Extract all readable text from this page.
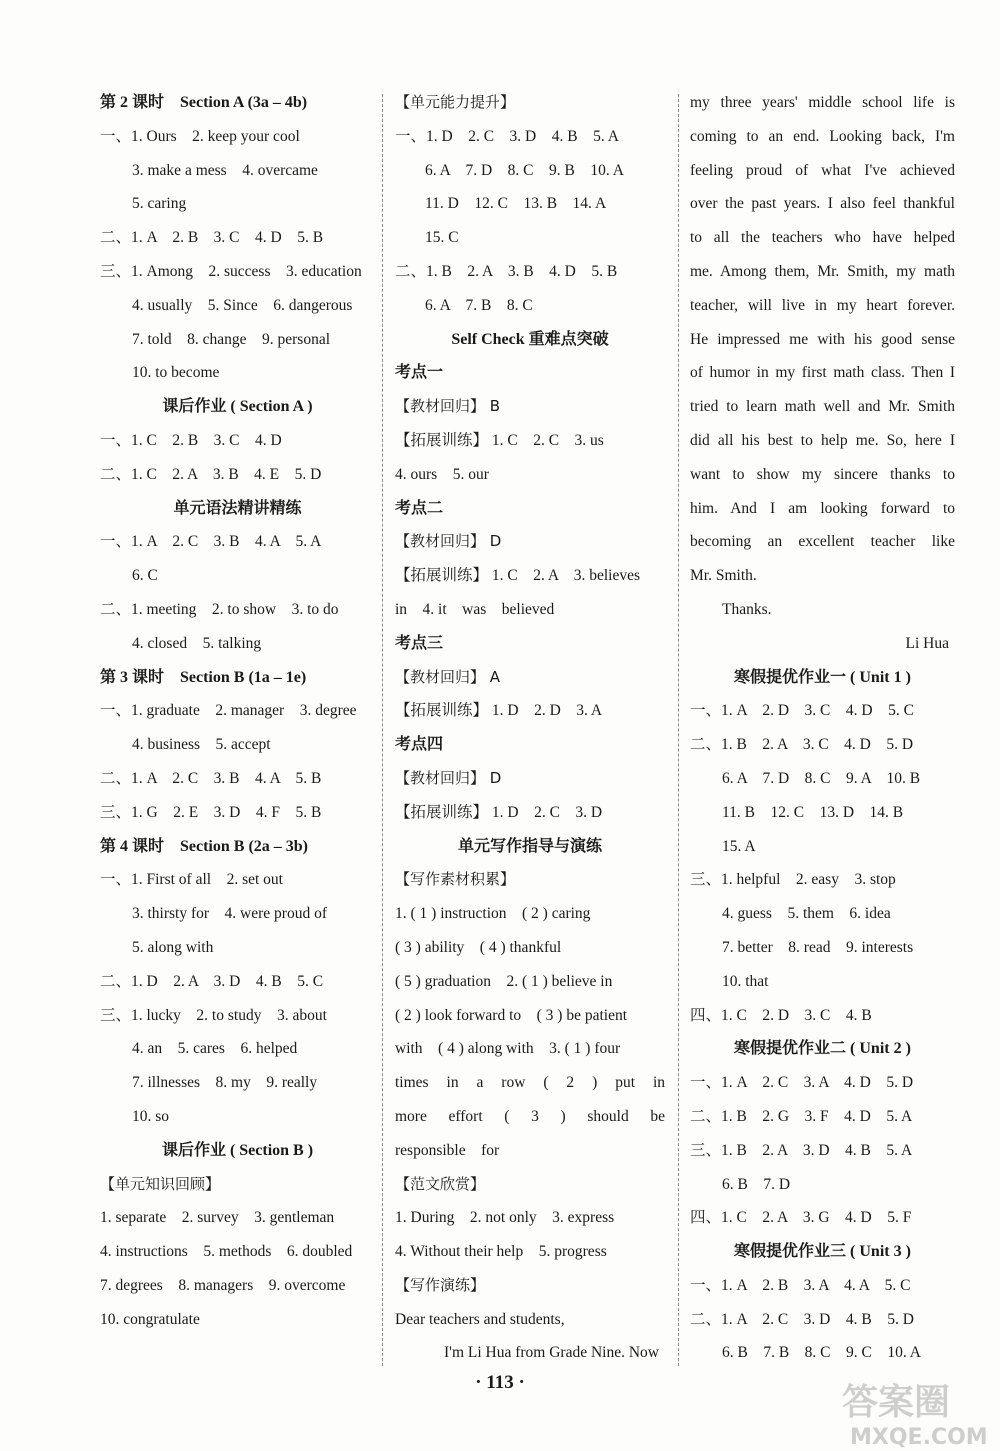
第 2 课时　Section A (3a – 4b)
一、1. Ours　2. keep your cool
3. make a mess　4. overcame
5. caring
二、1. A　2. B　3. C　4. D　5. B
三、1. Among　2. success　3. education
4. usually　5. Since　6. dangerous
7. told　8. change　9. personal
10. to become
课后作业 ( Section A )
一、1. C　2. B　3. C　4. D
二、1. C　2. A　3. B　4. E　5. D
单元语法精讲精练
一、1. A　2. C　3. B　4. A　5. A
6. C
二、1. meeting　2. to show　3. to do
4. closed　5. talking
第 3 课时　Section B (1a – 1e)
一、1. graduate　2. manager　3. degree
4. business　5. accept
二、1. A　2. C　3. B　4. A　5. B
三、1. G　2. E　3. D　4. F　5. B
第 4 课时　Section B (2a – 3b)
一、1. First of all　2. set out
3. thirsty for　4. were proud of
5. along with
二、1. D　2. A　3. D　4. B　5. C
三、1. lucky　2. to study　3. about
4. an　5. cares　6. helped
7. illnesses　8. my　9. really
10. so
课后作业 ( Section B )
【单元知识回顾】
1. separate　2. survey　3. gentleman
4. instructions　5. methods　6. doubled
7. degrees　8. managers　9. overcome
10. congratulate
【单元能力提升】
一、1. D　2. C　3. D　4. B　5. A
6. A　7. D　8. C　9. B　10. A
11. D　12. C　13. B　14. A
15. C
二、1. B　2. A　3. B　4. D　5. B
6. A　7. B　8. C
Self Check 重难点突破
考点一
【教材回归】 B
【拓展训练】 1. C　2. C　3. us
4. ours　5. our
考点二
【教材回归】 D
【拓展训练】 1. C　2. A　3. believes
in　4. it　was　believed
考点三
【教材回归】 A
【拓展训练】 1. D　2. D　3. A
考点四
【教材回归】 D
【拓展训练】 1. D　2. C　3. D
单元写作指导与演练
【写作素材积累】
1. ( 1 ) instruction　( 2 ) caring
( 3 ) ability　( 4 ) thankful
( 5 ) graduation　2. ( 1 ) believe in
( 2 ) look forward to　( 3 ) be patient
with　( 4 ) along with　3. ( 1 ) four
times in a row ( 2 ) put in
more effort ( 3 ) should be
responsible　for
【范文欣赏】
1. During　2. not only　3. express
4. Without their help　5. progress
【写作演练】
Dear teachers and students,
I'm Li Hua from Grade Nine. Now
my three years' middle school life is
coming to an end. Looking back, I'm
feeling proud of what I've achieved
over the past years. I also feel thankful
to all the teachers who have helped
me. Among them, Mr. Smith, my math
teacher, will live in my heart forever.
He impressed me with his good sense
of humor in my first math class. Then I
tried to learn math well and Mr. Smith
did all his best to help me. So, here I
want to show my sincere thanks to
him. And I am looking forward to
becoming an excellent teacher like
Mr. Smith.
Thanks.
Li Hua
寒假提优作业一 ( Unit 1 )
一、1. A　2. D　3. C　4. D　5. C
二、1. B　2. A　3. C　4. D　5. D
6. A　7. D　8. C　9. A　10. B
11. B　12. C　13. D　14. B
15. A
三、1. helpful　2. easy　3. stop
4. guess　5. them　6. idea
7. better　8. read　9. interests
10. that
四、1. C　2. D　3. C　4. B
寒假提优作业二 ( Unit 2 )
一、1. A　2. C　3. A　4. D　5. D
二、1. B　2. G　3. F　4. D　5. A
三、1. B　2. A　3. D　4. B　5. A
6. B　7. D
四、1. C　2. A　3. G　4. D　5. F
寒假提优作业三 ( Unit 3 )
一、1. A　2. B　3. A　4. A　5. C
二、1. A　2. C　3. D　4. B　5. D
6. B　7. B　8. C　9. C　10. A
· 113 ·	答案圈
MXQE.COM
